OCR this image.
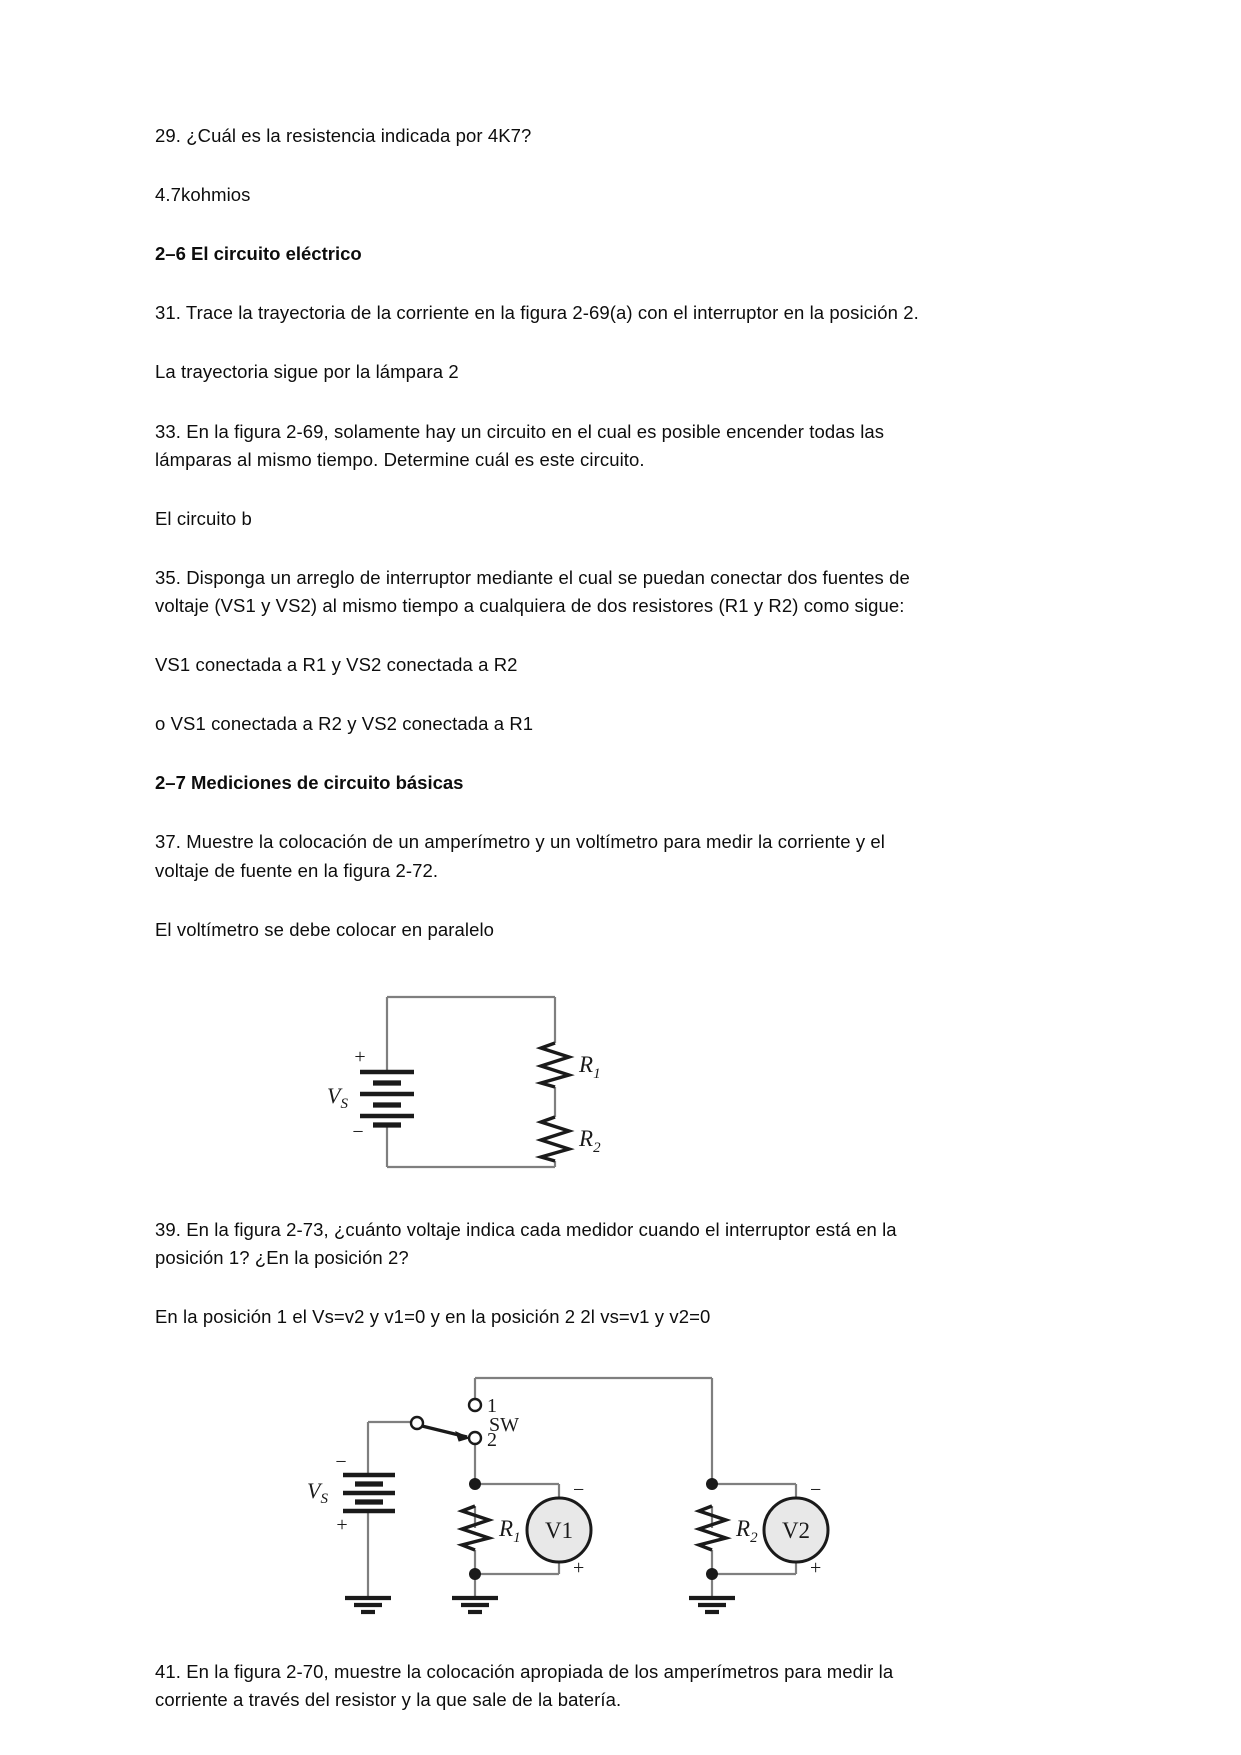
29. ¿Cuál es la resistencia indicada por 4K7?

4.7kohmios

2–6 El circuito eléctrico

31. Trace la trayectoria de la corriente en la figura 2-69(a) con el interruptor en la posición 2.

La trayectoria sigue por la lámpara 2

33. En la figura 2-69, solamente hay un circuito en el cual es posible encender todas las lámparas al mismo tiempo. Determine cuál es este circuito.

El circuito b

35. Disponga un arreglo de interruptor mediante el cual se puedan conectar dos fuentes de voltaje (VS1 y VS2) al mismo tiempo a cualquiera de dos resistores (R1 y R2) como sigue:

VS1 conectada a R1 y VS2 conectada a R2

o VS1 conectada a R2 y VS2 conectada a R1

2–7 Mediciones de circuito básicas

37. Muestre la colocación de un amperímetro y un voltímetro para medir la corriente y el voltaje de fuente en la figura 2-72.

El voltímetro se debe colocar en paralelo

+
−
$V_S$
$R_1$
$R_2$

39. En la figura 2-73, ¿cuánto voltaje indica cada medidor cuando el interruptor está en la posición 1? ¿En la posición 2?

En la posición 1 el Vs=v2 y v1=0 y en la posición 2 2l vs=v1 y v2=0

1
2
SW
−
+
$V_S$
$R_1$	$R_2$
V1
−
+
V2
−
+

41. En la figura 2-70, muestre la colocación apropiada de los amperímetros para medir la corriente a través del resistor y la que sale de la batería.
